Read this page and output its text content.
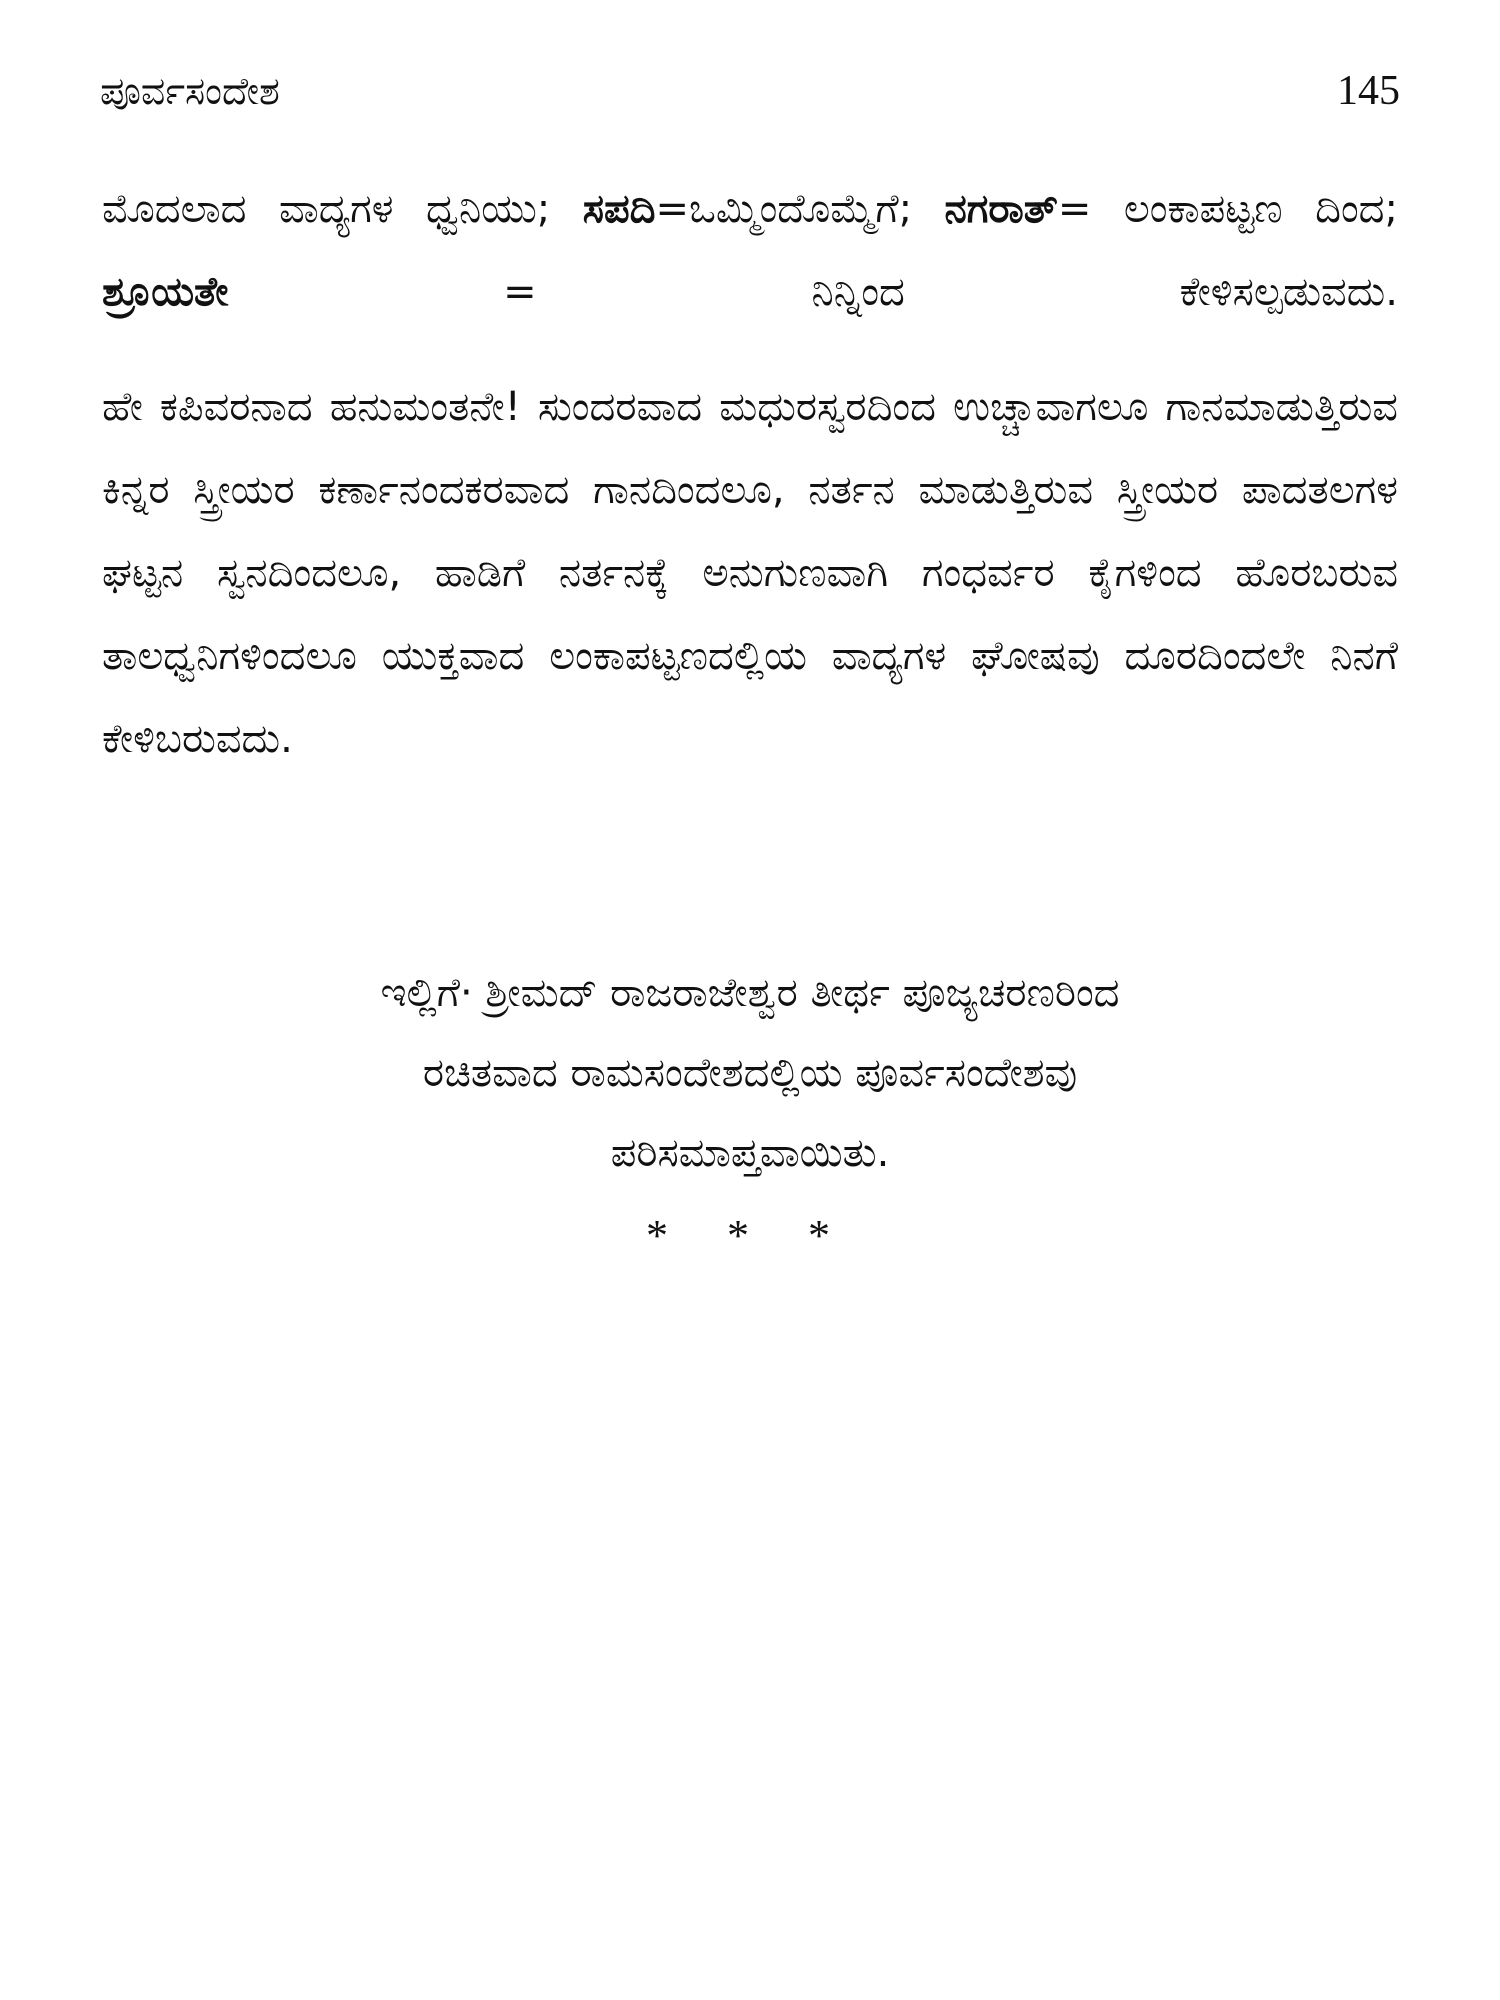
ಪೂರ್ವಸಂದೇಶ	145

ಮೊದಲಾದ ವಾದ್ಯಗಳ ಧ್ವನಿಯು; ಸಪದಿ=ಒಮ್ಮಿಂದೊಮ್ಮೆಗೆ; ನಗರಾತ್= ಲಂಕಾಪಟ್ಟಣ ದಿಂದ; ಶ್ರೂಯತೇ = ನಿನ್ನಿಂದ ಕೇಳಿಸಲ್ಪಡುವದು.

ಹೇ ಕಪಿವರನಾದ ಹನುಮಂತನೇ! ಸುಂದರವಾದ ಮಧುರಸ್ವರದಿಂದ ಉಚ್ಚಾವಾಗಲೂ ಗಾನಮಾಡುತ್ತಿರುವ ಕಿನ್ನರ ಸ್ತ್ರೀಯರ ಕರ್ಣಾನಂದಕರವಾದ ಗಾನದಿಂದಲೂ, ನರ್ತನ ಮಾಡುತ್ತಿರುವ ಸ್ತ್ರೀಯರ ಪಾದತಲಗಳ ಘಟ್ಟನ ಸ್ವನದಿಂದಲೂ, ಹಾಡಿಗೆ ನರ್ತನಕ್ಕೆ ಅನುಗುಣವಾಗಿ ಗಂಧರ್ವರ ಕೈಗಳಿಂದ ಹೊರಬರುವ ತಾಲಧ್ವನಿಗಳಿಂದಲೂ ಯುಕ್ತವಾದ ಲಂಕಾಪಟ್ಟಣದಲ್ಲಿಯ ವಾದ್ಯಗಳ ಘೋಷವು ದೂರದಿಂದಲೇ ನಿನಗೆ ಕೇಳಿಬರುವದು.

ಇಲ್ಲಿಗೆ· ಶ್ರೀಮದ್ ರಾಜರಾಜೇಶ್ವರ ತೀರ್ಥ ಪೂಜ್ಯಚರಣರಿಂದ
ರಚಿತವಾದ ರಾಮಸಂದೇಶದಲ್ಲಿಯ ಪೂರ್ವಸಂದೇಶವು
ಪರಿಸಮಾಪ್ತವಾಯಿತು.

* * *
